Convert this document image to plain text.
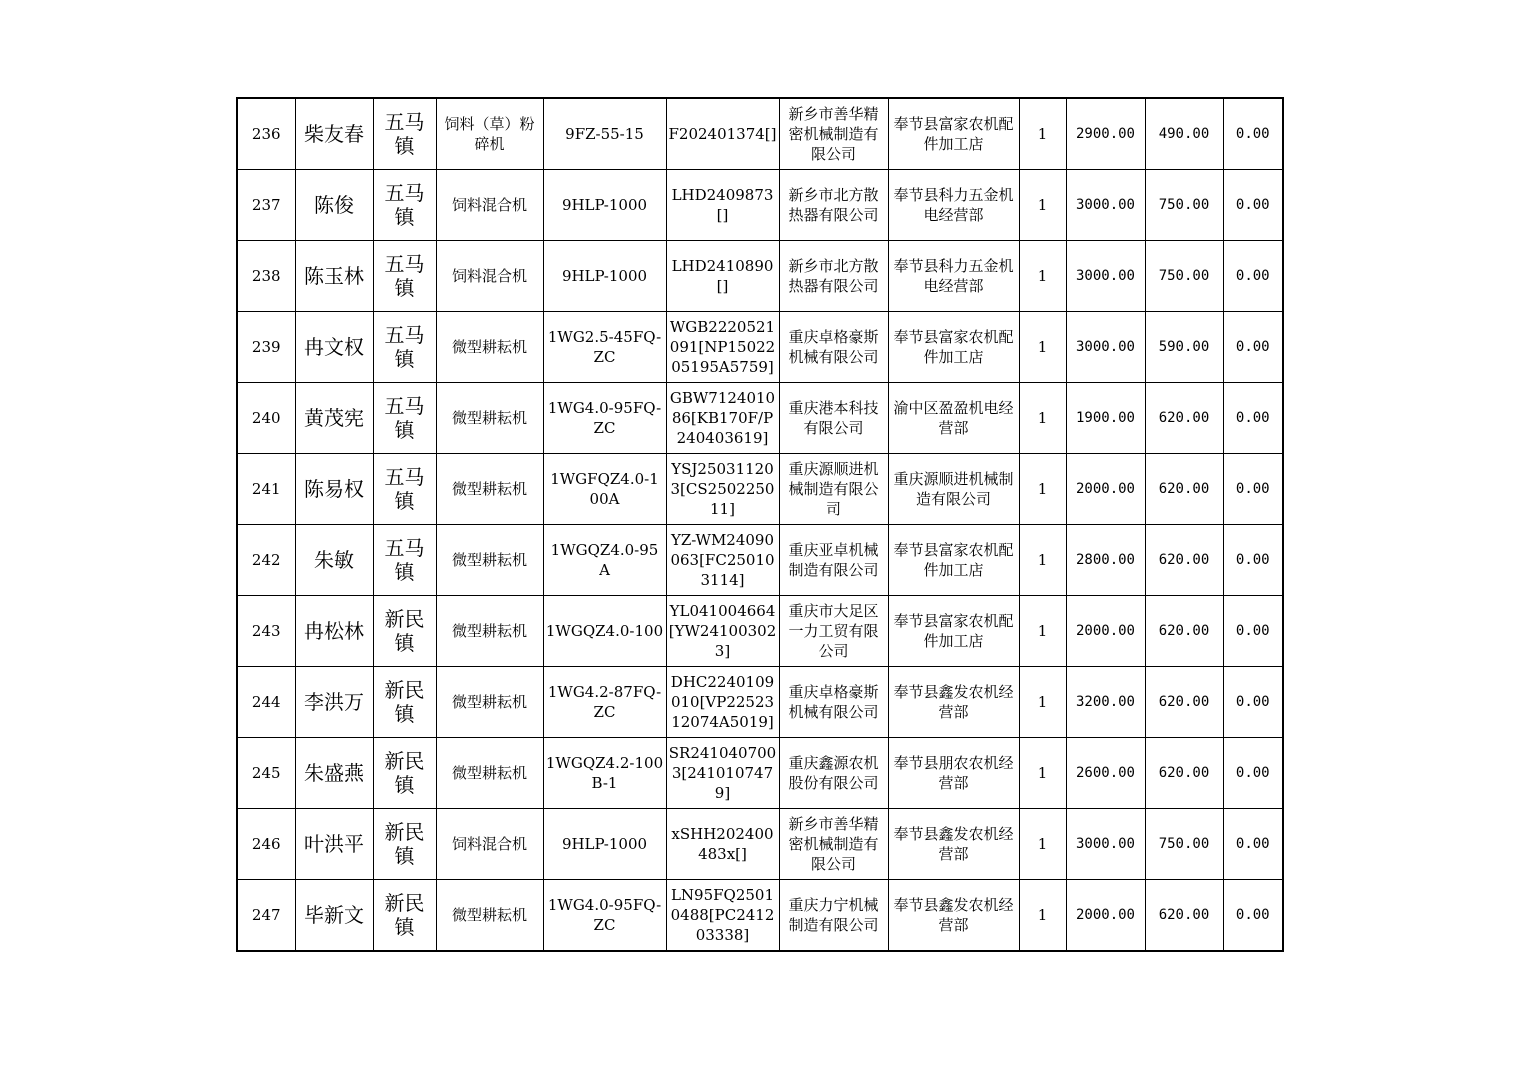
236	柴友春	五马镇	饲料（草）粉碎机	9FZ-55-15	F202401374[]	新乡市善华精密机械制造有限公司	奉节县富家农机配件加工店	1	2900.00	490.00	0.00
237	陈俊	五马镇	饲料混合机	9HLP-1000	LHD2409873[]	新乡市北方散热器有限公司	奉节县科力五金机电经营部	1	3000.00	750.00	0.00
238	陈玉林	五马镇	饲料混合机	9HLP-1000	LHD2410890[]	新乡市北方散热器有限公司	奉节县科力五金机电经营部	1	3000.00	750.00	0.00
239	冉文权	五马镇	微型耕耘机	1WG2.5-45FQ-ZC	WGB2220521091[NP1502205195A5759]	重庆卓格豪斯机械有限公司	奉节县富家农机配件加工店	1	3000.00	590.00	0.00
240	黄茂宪	五马镇	微型耕耘机	1WG4.0-95FQ-ZC	GBW712401086[KB170F/P240403619]	重庆港本科技有限公司	渝中区盈盈机电经营部	1	1900.00	620.00	0.00
241	陈易权	五马镇	微型耕耘机	1WGFQZ4.0-100A	YSJ250311203[CS250225011]	重庆源顺进机械制造有限公司	重庆源顺进机械制造有限公司	1	2000.00	620.00	0.00
242	朱敏	五马镇	微型耕耘机	1WGQZ4.0-95A	YZ-WM24090063[FC250103114]	重庆亚卓机械制造有限公司	奉节县富家农机配件加工店	1	2800.00	620.00	0.00
243	冉松林	新民镇	微型耕耘机	1WGQZ4.0-100	YL041004664[YW241003023]	重庆市大足区一力工贸有限公司	奉节县富家农机配件加工店	1	2000.00	620.00	0.00
244	李洪万	新民镇	微型耕耘机	1WG4.2-87FQ-ZC	DHC2240109010[VP2252312074A5019]	重庆卓格豪斯机械有限公司	奉节县鑫发农机经营部	1	3200.00	620.00	0.00
245	朱盛燕	新民镇	微型耕耘机	1WGQZ4.2-100B-1	SR2410407003[2410107479]	重庆鑫源农机股份有限公司	奉节县朋农农机经营部	1	2600.00	620.00	0.00
246	叶洪平	新民镇	饲料混合机	9HLP-1000	xSHH202400483x[]	新乡市善华精密机械制造有限公司	奉节县鑫发农机经营部	1	3000.00	750.00	0.00
247	毕新文	新民镇	微型耕耘机	1WG4.0-95FQ-ZC	LN95FQ25010488[PC241203338]	重庆力宁机械制造有限公司	奉节县鑫发农机经营部	1	2000.00	620.00	0.00
